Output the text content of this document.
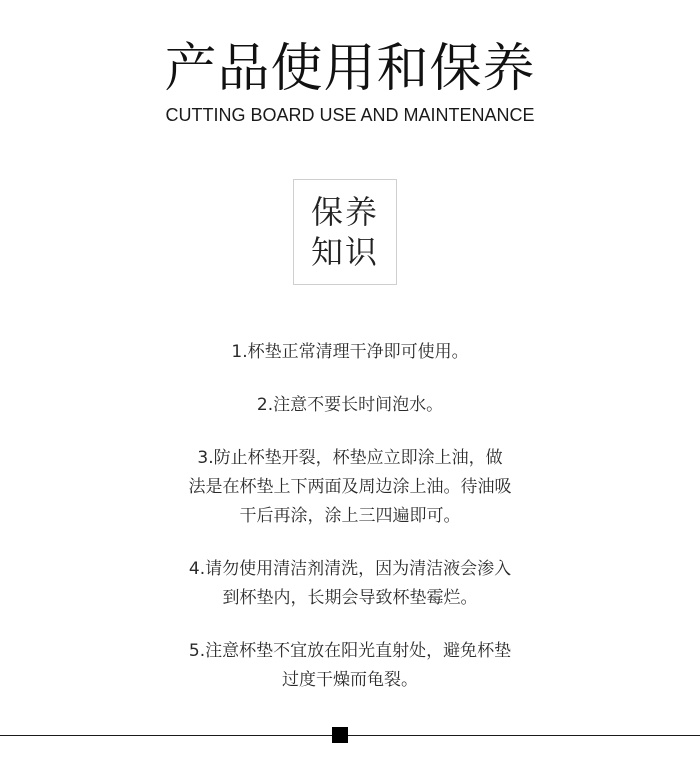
产品使用和保养
CUTTING BOARD USE AND MAINTENANCE
保养
知识
1.杯垫正常清理干净即可使用。
2.注意不要长时间泡水。
3.防止杯垫开裂，杯垫应立即涂上油，做
法是在杯垫上下两面及周边涂上油。待油吸
干后再涂，涂上三四遍即可。
4.请勿使用清洁剂清洗，因为清洁液会渗入
到杯垫内，长期会导致杯垫霉烂。
5.注意杯垫不宜放在阳光直射处，避免杯垫
过度干燥而龟裂。
